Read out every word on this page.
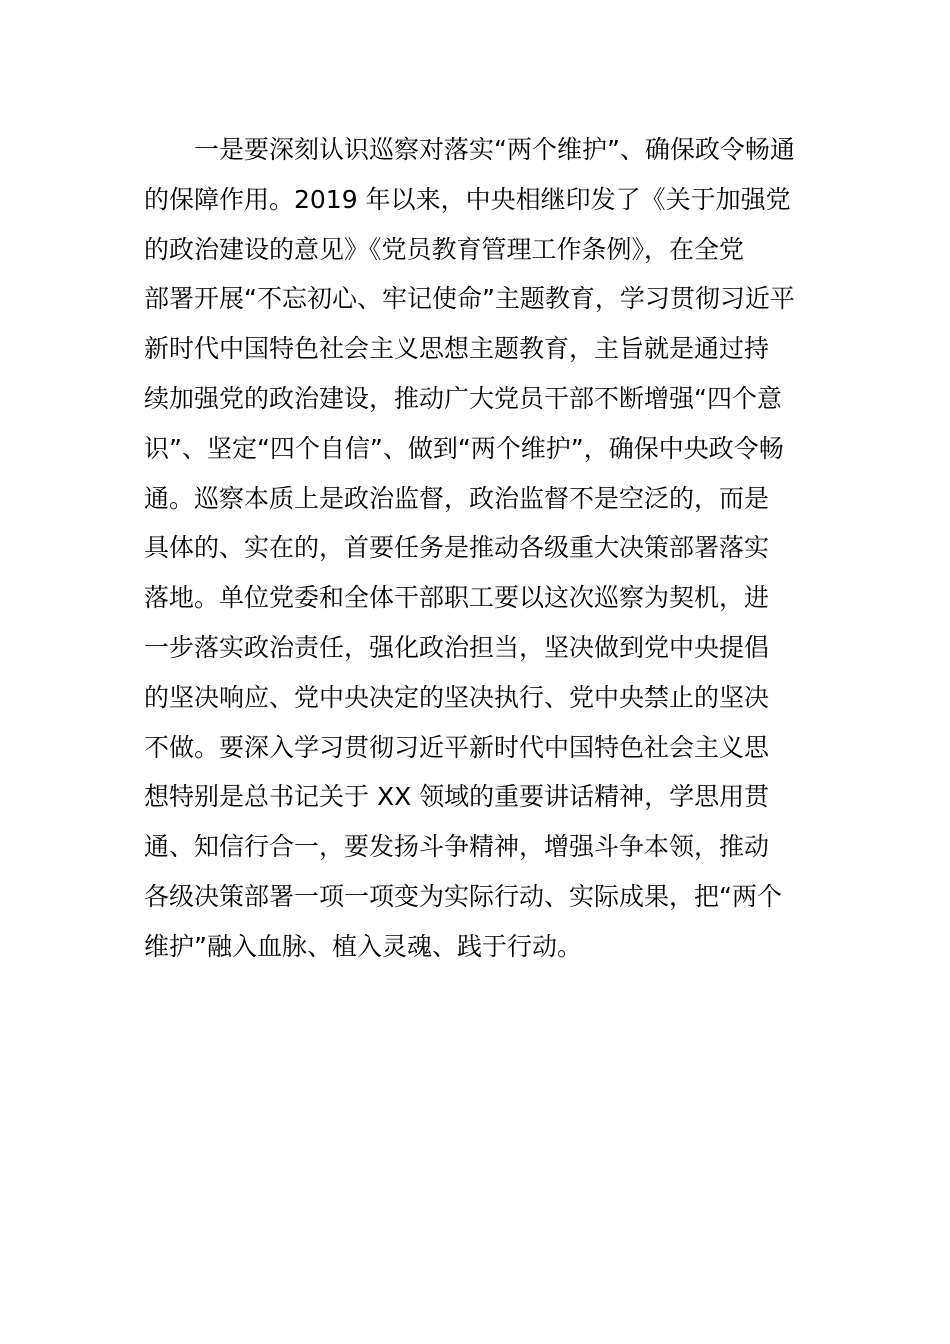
一是要深刻认识巡察对落实“两个维护”、确保政令畅通
的保障作用。2019 年以来，中央相继印发了《关于加强党
的政治建设的意见》《党员教育管理工作条例》，在全党
部署开展“不忘初心、牢记使命”主题教育，学习贯彻习近平
新时代中国特色社会主义思想主题教育，主旨就是通过持
续加强党的政治建设，推动广大党员干部不断增强“四个意
识”、坚定“四个自信”、做到“两个维护”，确保中央政令畅
通。巡察本质上是政治监督，政治监督不是空泛的，而是
具体的、实在的，首要任务是推动各级重大决策部署落实
落地。单位党委和全体干部职工要以这次巡察为契机，进
一步落实政治责任，强化政治担当，坚决做到党中央提倡
的坚决响应、党中央决定的坚决执行、党中央禁止的坚决
不做。要深入学习贯彻习近平新时代中国特色社会主义思
想特别是总书记关于 XX 领域的重要讲话精神，学思用贯
通、知信行合一，要发扬斗争精神，增强斗争本领，推动
各级决策部署一项一项变为实际行动、实际成果，把“两个
维护”融入血脉、植入灵魂、践于行动。
